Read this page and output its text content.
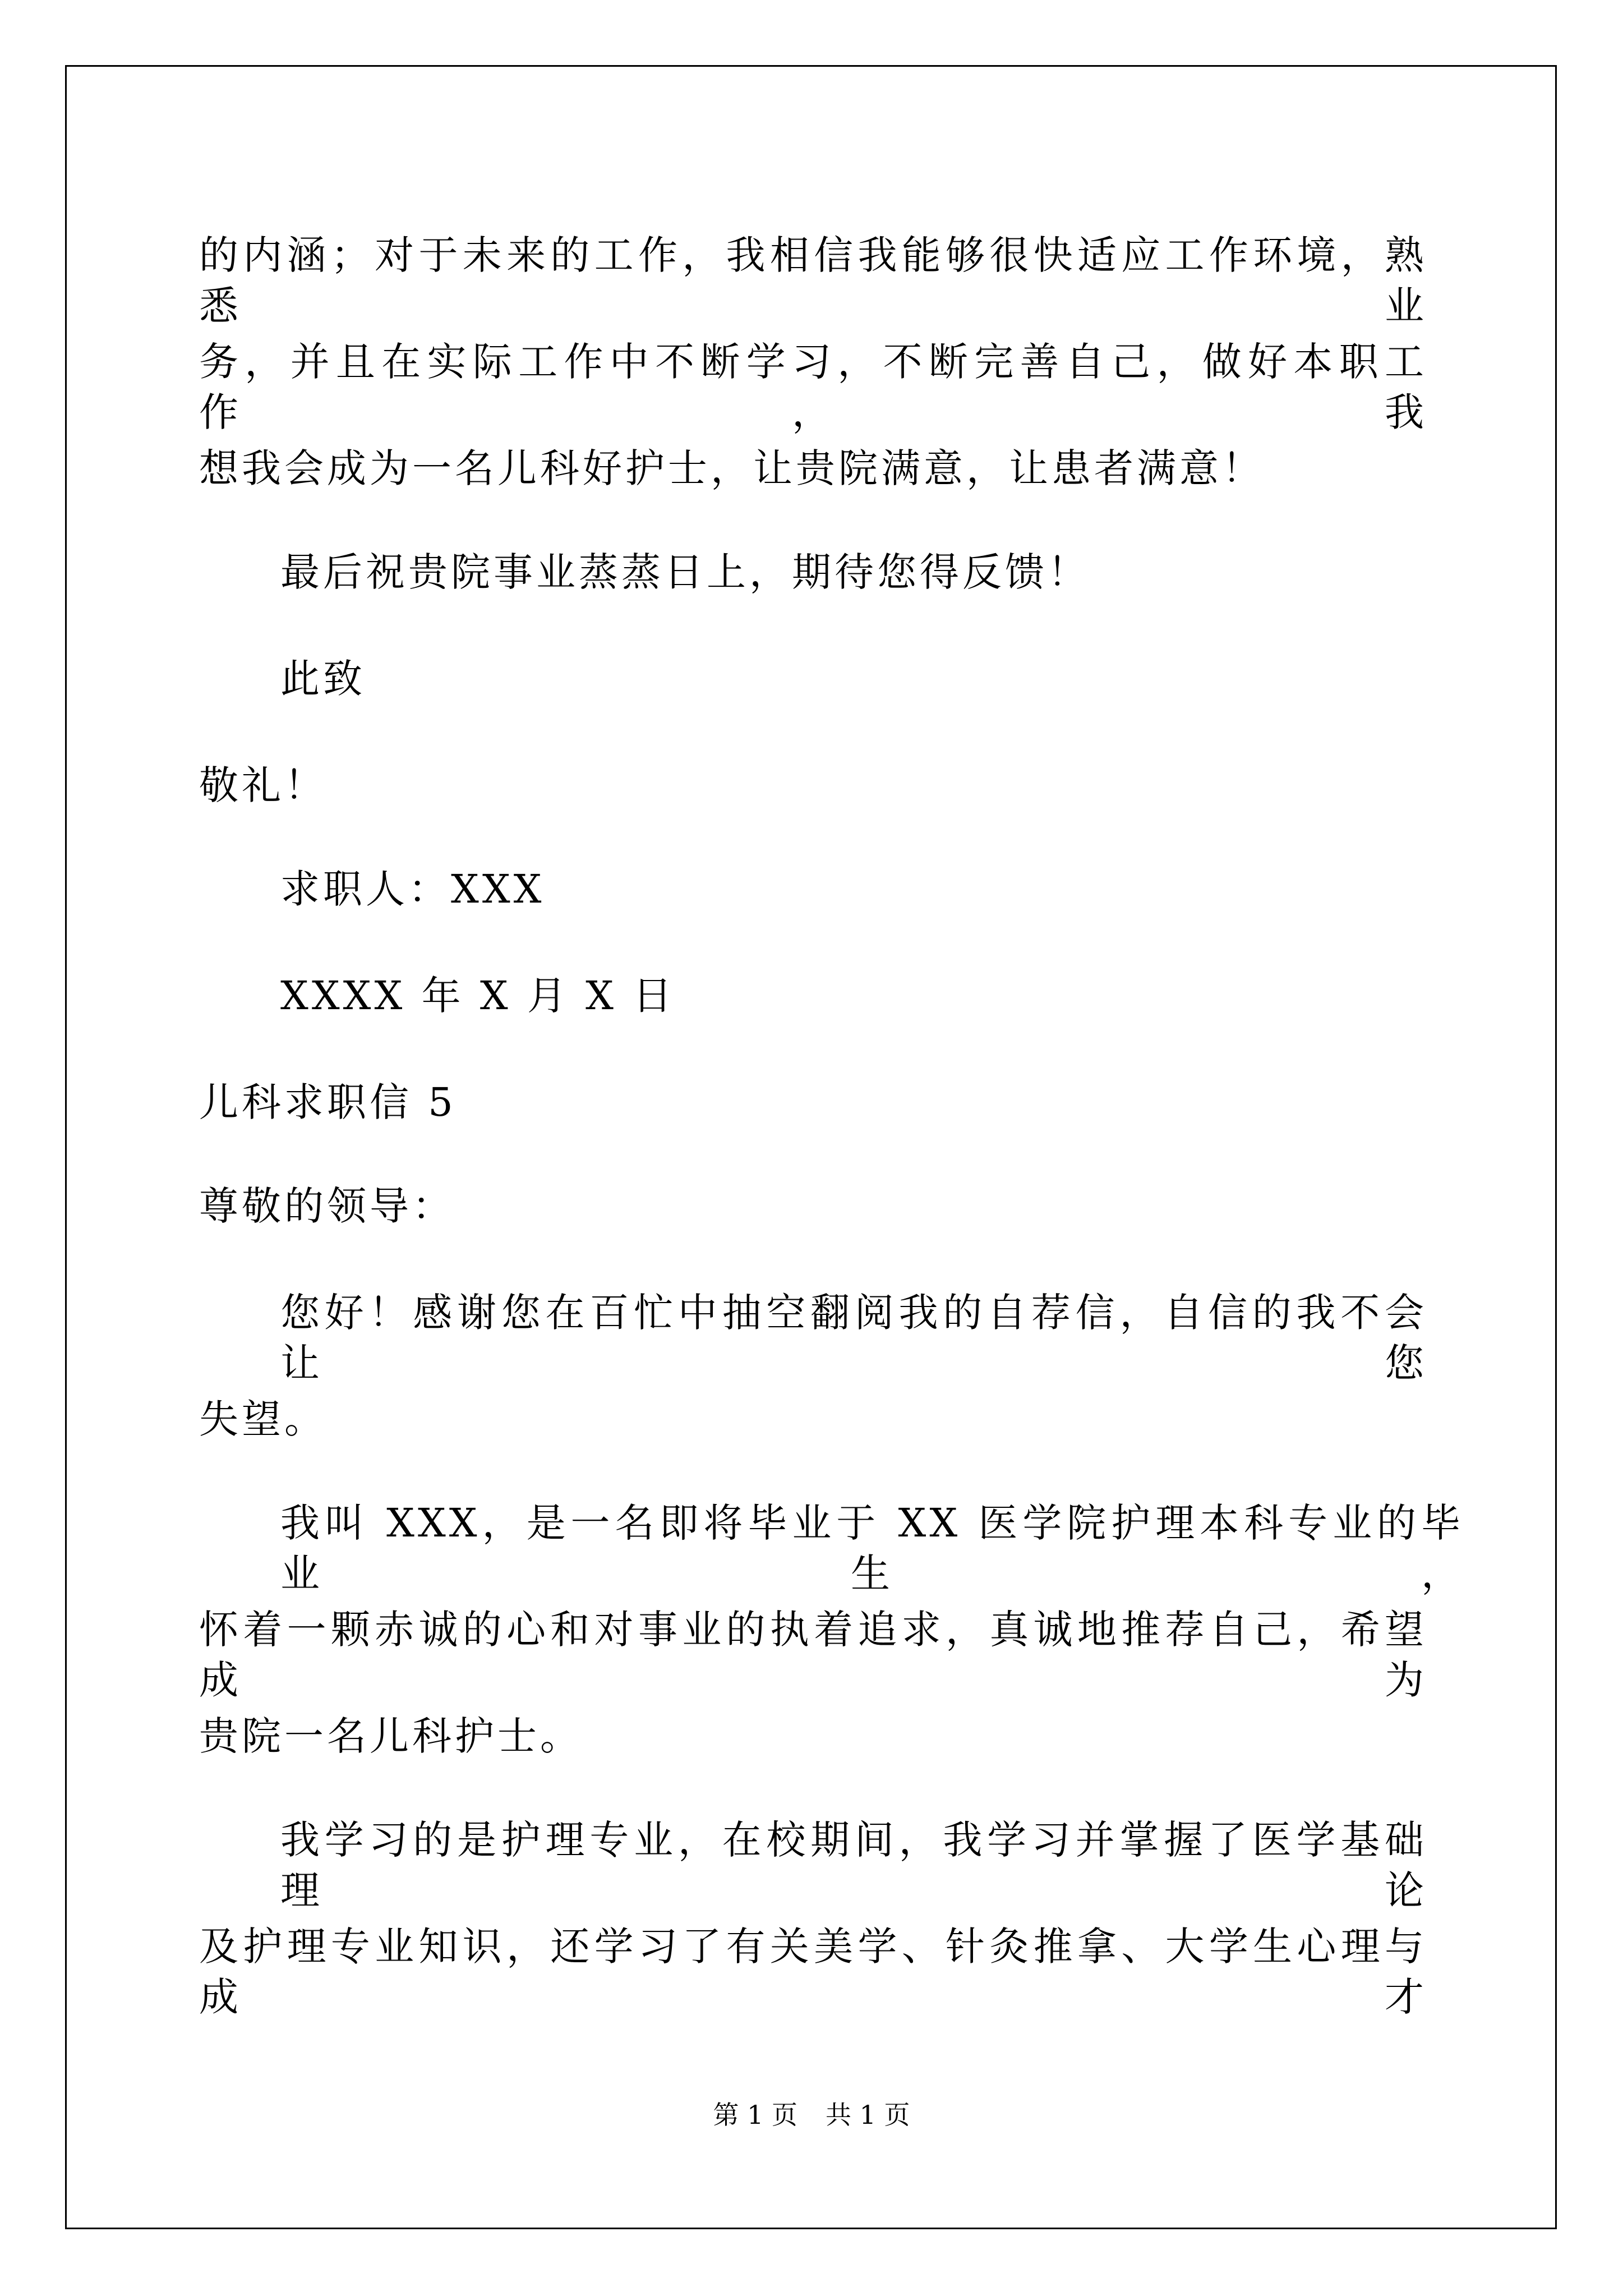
的内涵；对于未来的工作，我相信我能够很快适应工作环境，熟悉业
务，并且在实际工作中不断学习，不断完善自己，做好本职工作，我
想我会成为一名儿科好护士，让贵院满意，让患者满意！
最后祝贵院事业蒸蒸日上，期待您得反馈！
此致
敬礼！
求职人：XXX
XXXX 年 X 月 X 日
儿科求职信 5
尊敬的领导：
您好！感谢您在百忙中抽空翻阅我的自荐信，自信的我不会让您
失望。
我叫 XXX，是一名即将毕业于 XX 医学院护理本科专业的毕业生，
怀着一颗赤诚的心和对事业的执着追求，真诚地推荐自己，希望成为
贵院一名儿科护士。
我学习的是护理专业，在校期间，我学习并掌握了医学基础理论
及护理专业知识，还学习了有关美学、针灸推拿、大学生心理与成才
第 1 页 共 1 页
